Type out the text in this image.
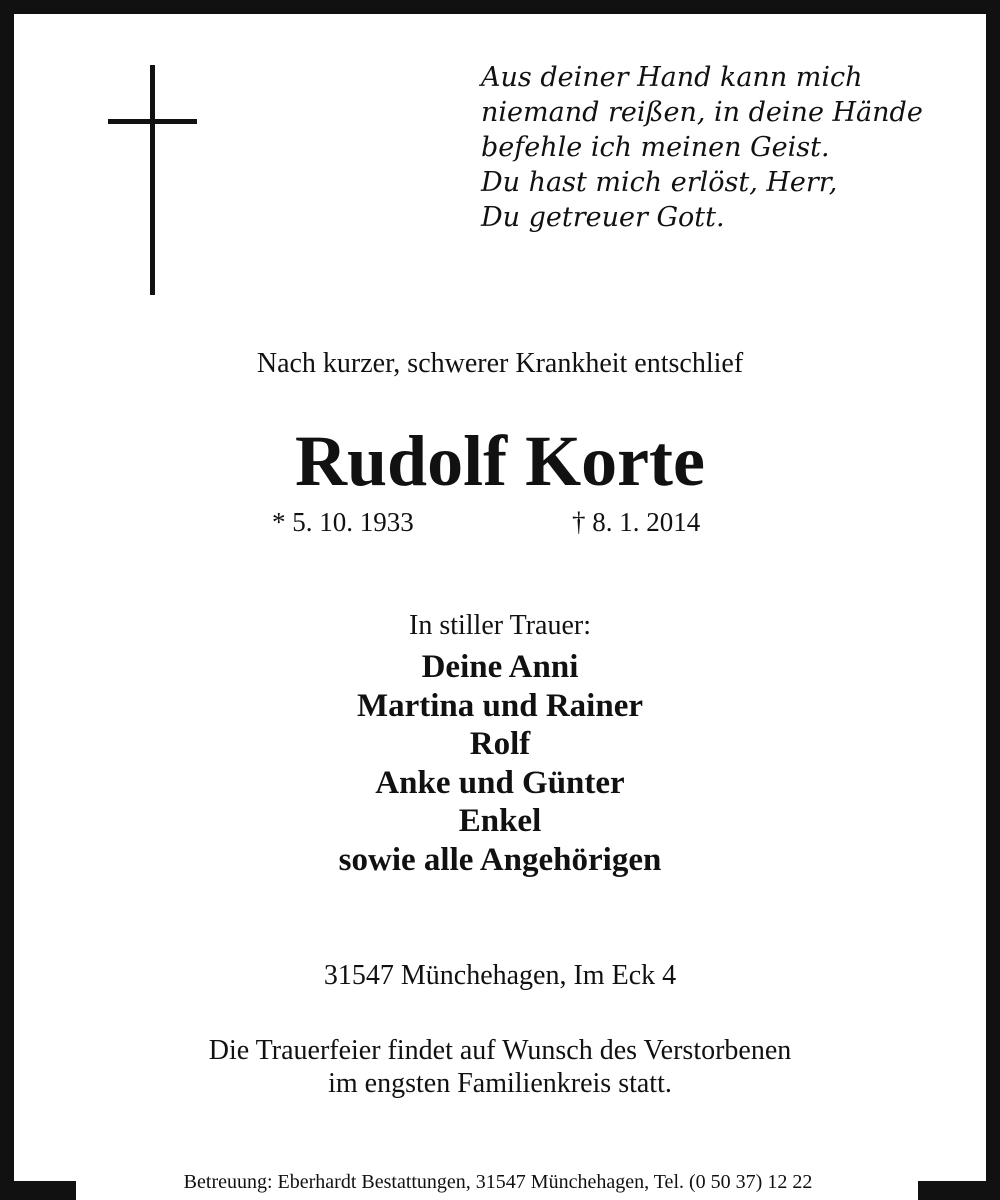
Aus deiner Hand kann mich
niemand reißen, in deine Hände
befehle ich meinen Geist.
Du hast mich erlöst, Herr,
Du getreuer Gott.
Nach kurzer, schwerer Krankheit entschlief
Rudolf Korte
* 5. 10. 1933	† 8. 1. 2014
In stiller Trauer:
Deine Anni
Martina und Rainer
Rolf
Anke und Günter
Enkel
sowie alle Angehörigen
31547 Münchehagen, Im Eck 4
Die Trauerfeier findet auf Wunsch des Verstorbenen
im engsten Familienkreis statt.
Betreuung: Eberhardt Bestattungen, 31547 Münchehagen, Tel. (0 50 37) 12 22
